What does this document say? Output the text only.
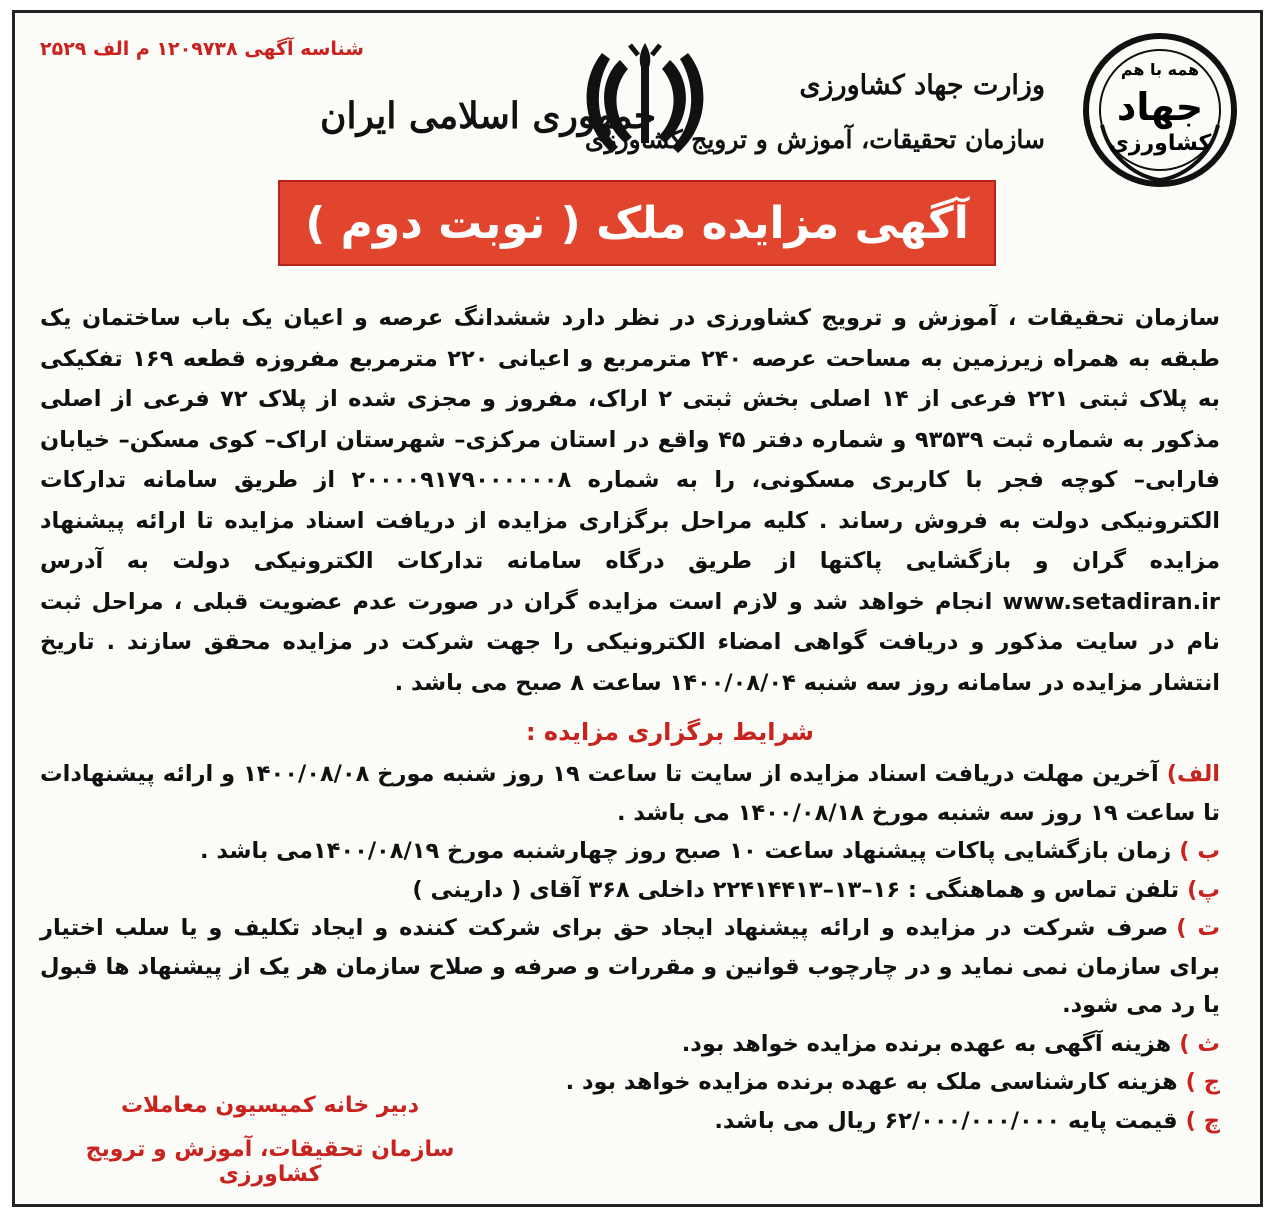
شناسه آگهی ۱۲۰۹۷۳۸ م الف ۲۵۲۹
جمهوری اسلامی ایران
وزارت جهاد کشاورزی
سازمان تحقیقات، آموزش و ترویج کشاورزی
همه با هم
جهاد
کشاورزی
آگهی مزایده ملک ( نوبت دوم )
سازمان تحقیقات ، آموزش و ترویج کشاورزی در نظر دارد ششدانگ عرصه و اعیان یک باب ساختمان یک طبقه به همراه زیرزمین به مساحت عرصه ۲۴۰ مترمربع و اعیانی ۲۲۰ مترمربع مفروزه قطعه ۱۶۹ تفکیکی به پلاک ثبتی ۲۲۱ فرعی از ۱۴ اصلی بخش ثبتی ۲ اراک، مفروز و مجزی شده از پلاک ۷۲ فرعی از اصلی مذکور به شماره ثبت ۹۳۵۳۹ و شماره دفتر ۴۵ واقع در استان مرکزی– شهرستان اراک– کوی مسکن– خیابان فارابی– کوچه فجر با کاربری مسکونی، را به شماره ۲۰۰۰۰۹۱۷۹۰۰۰۰۰۰۸ از طریق سامانه تدارکات الکترونیکی دولت به فروش رساند . کلیه مراحل برگزاری مزایده از دریافت اسناد مزایده تا ارائه پیشنهاد مزایده گران و بازگشایی پاکتها از طریق درگاه سامانه تدارکات الکترونیکی دولت به آدرس www.setadiran.ir انجام خواهد شد و لازم است مزایده گران در صورت عدم عضویت قبلی ، مراحل ثبت نام در سایت مذکور و دریافت گواهی امضاء الکترونیکی را جهت شرکت در مزایده محقق سازند . تاریخ انتشار مزایده در سامانه روز سه شنبه ۱۴۰۰/۰۸/۰۴ ساعت ۸ صبح می باشد .
شرایط برگزاری مزایده :
الف)آخرین مهلت دریافت اسناد مزایده از سایت تا ساعت ۱۹ روز شنبه مورخ ۱۴۰۰/۰۸/۰۸ و ارائه پیشنهادات تا ساعت ۱۹ روز سه شنبه مورخ ۱۴۰۰/۰۸/۱۸ می باشد .
ب )زمان بازگشایی پاکات پیشنهاد ساعت ۱۰ صبح روز چهارشنبه مورخ ۱۴۰۰/۰۸/۱۹می باشد .
پ)تلفن تماس و هماهنگی : ۱۶–۱۳–۲۲۴۱۴۴۱۳ داخلی ۳۶۸ آقای ( دارینی )
ت )صرف شرکت در مزایده و ارائه پیشنهاد ایجاد حق برای شرکت کننده و ایجاد تکلیف و یا سلب اختیار برای سازمان نمی نماید و در چارچوب قوانین و مقررات و صرفه و صلاح سازمان هر یک از پیشنهاد ها قبول یا رد می شود.
ث )هزینه آگهی به عهده برنده مزایده خواهد بود.
ج )هزینه کارشناسی ملک به عهده برنده مزایده خواهد بود .
چ )قیمت پایه ۶۲/۰۰۰/۰۰۰/۰۰۰ ریال می باشد.
دبیر خانه کمیسیون معاملات
سازمان تحقیقات، آموزش و ترویج کشاورزی
